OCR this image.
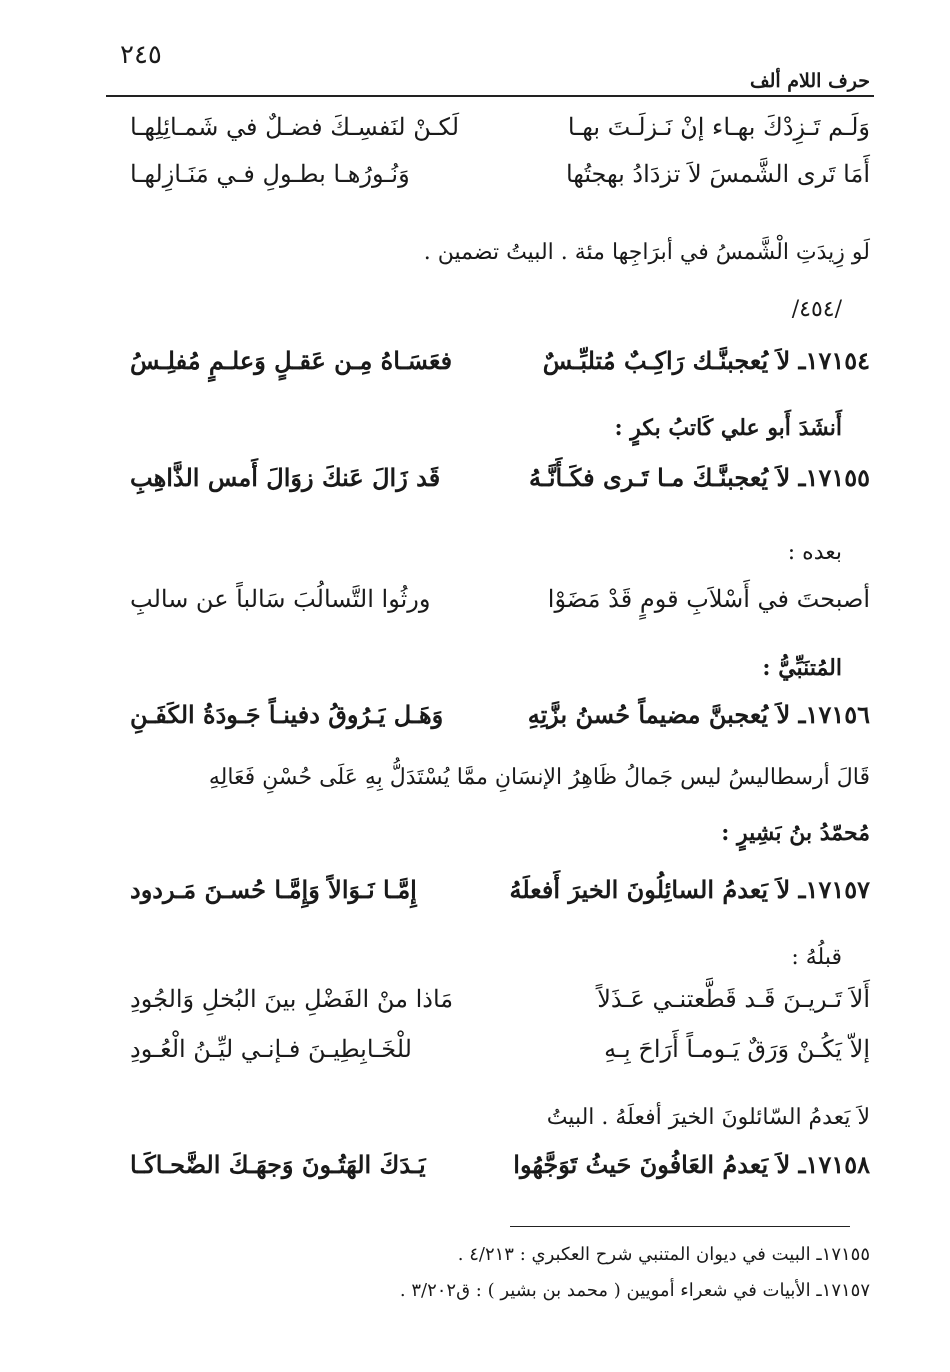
٢٤٥
حرف اللام ألف
وَلَـم تَـزِدْكَ بهـاء إنْ نَـزلَـتَ بهـا
لَكـنْ لنَفسِـكَ فضـلٌ في شَمـائِلِهـا
أَمَا تَرى الشَّمسَ لاَ تزدَادُ بهجتُها
وَنُـورُهـا بطـولِ فـي مَنَـازِلهـا
لَو زِيدَتِ الْشَّمسُ في أبرَاجِها مئة . البيتُ تضمين .
/٤٥٤/
١٧١٥٤ـ لاَ يُعجبنَّـك رَاكِـبٌ مُتلبِّـسٌ
فعَسَـاهُ مِـن عَقـلٍ وَعلـمٍ مُفلِـسُ
أَنشَدَ أَبو علي كَاتبُ بكرٍ :
١٧١٥٥ـ لاَ يُعجبنَّـكَ مـا تَـرى فكَـأَنَّـهُ
قَد زَالَ عَنكَ زوَالَ أَمس الذَّاهِبِ
بعده :
أصبحتَ في أَسْلاَبِ قومٍ قَدْ مَضَوْا
ورثُوا التَّسالُبَ سَالباً عن سالبِ
المُتنَبِّيُّ :
١٧١٥٦ـ لاَ يُعجبنَّ مضيماً حُسنُ بزَّتِهِ
وَهَـل يَـرُوقُ دفينـاً جَـودَةُ الكَفَـنِ
قَالَ أرسطاليسُ ليس جَمالُ ظَاهِرُ الإنسَانِ ممَّا يُسْتَدَلُّ بِهِ عَلَى حُسْنِ فَعَالِهِ
مُحمّدُ بنُ بَشِيرٍ :
١٧١٥٧ـ لاَ يَعدمُ السائِلُونَ الخيرَ أَفعلَهُ
إِمَّـا نَـوَالاً وَإِمَّـا حُسـنَ مَـردود
قبلُهُ :
أَلاَ تَـريـنَ قَـد قَطَّعتنـي عَـذَلاً
مَاذا منْ الفَضْلِ بينَ البُخلِ وَالجُودِ
إلاّ يَكُـنْ وَرَقٌ يَـومـاً أَرَاحَ بِـهِ
للْخَـابِطِيـنَ فـإنـي ليِّـنُ الْعُـودِ
لاَ يَعدمُ السّائلونَ الخيرَ أفعلَهُ . البيتُ
١٧١٥٨ـ لاَ يَعدمُ العَافُونَ حَيثُ تَوَجَّهُوا
يَـدَكَ الهَتُـونَ وَجهَـكَ الضَّحـاكَـا
١٧١٥٥ـ البيت في ديوان المتنبي شرح العكبري : ٤/٢١٣ .
١٧١٥٧ـ الأبيات في شعراء أمويين ( محمد بن بشير ) : ق٣/٢٠٢ .
